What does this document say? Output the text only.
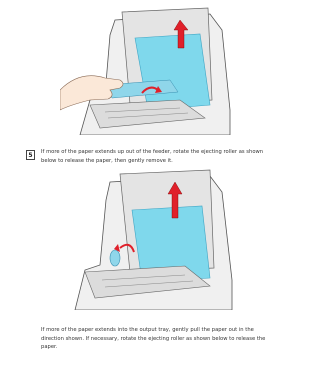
5	If more of the paper extends up out of the feeder, rotate the ejecting roller as shown
below to release the paper, then gently remove it.
If more of the paper extends into the output tray, gently pull the paper out in the
direction shown. If necessary, rotate the ejecting roller as shown below to release the
paper.
